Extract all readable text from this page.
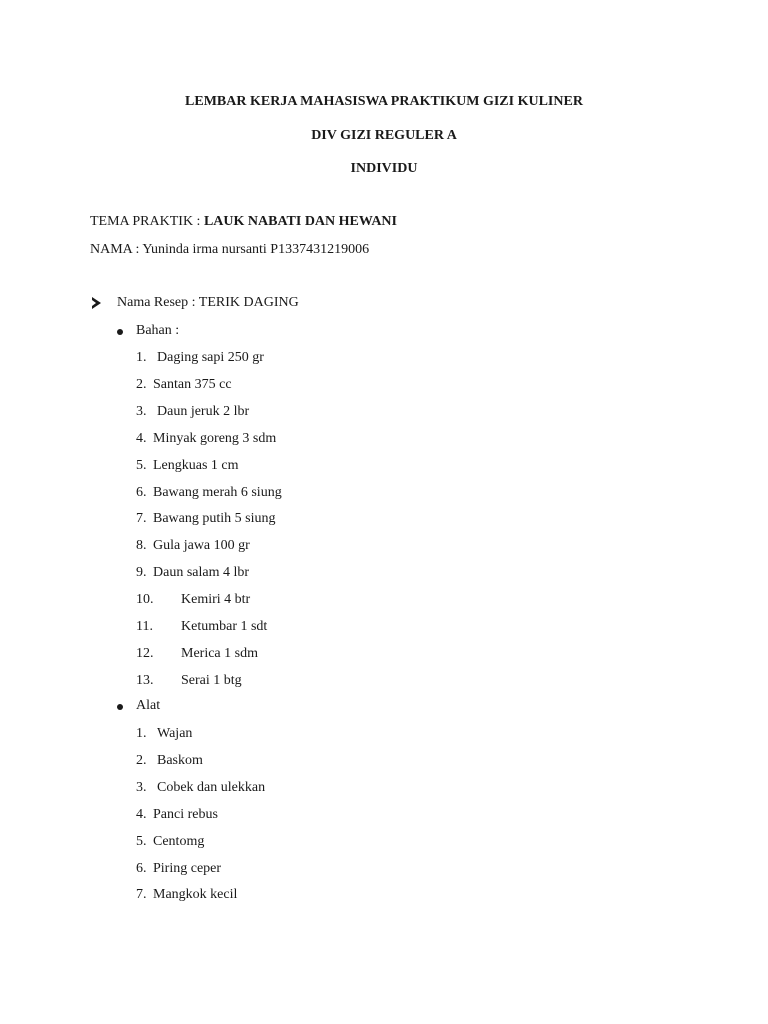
LEMBAR KERJA MAHASISWA PRAKTIKUM GIZI KULINER
DIV GIZI REGULER A
INDIVIDU
TEMA PRAKTIK : LAUK NABATI DAN HEWANI
NAMA : Yuninda irma nursanti P1337431219006
Nama Resep : TERIK DAGING
Bahan :
1. Daging sapi 250 gr
2. Santan 375 cc
3. Daun jeruk 2 lbr
4. Minyak goreng 3 sdm
5. Lengkuas 1 cm
6. Bawang merah 6 siung
7. Bawang putih 5 siung
8. Gula jawa 100 gr
9. Daun salam 4 lbr
10. Kemiri 4 btr
11. Ketumbar 1 sdt
12. Merica 1 sdm
13. Serai 1 btg
Alat
1. Wajan
2. Baskom
3. Cobek dan ulekkan
4. Panci rebus
5. Centomg
6. Piring ceper
7. Mangkok kecil
